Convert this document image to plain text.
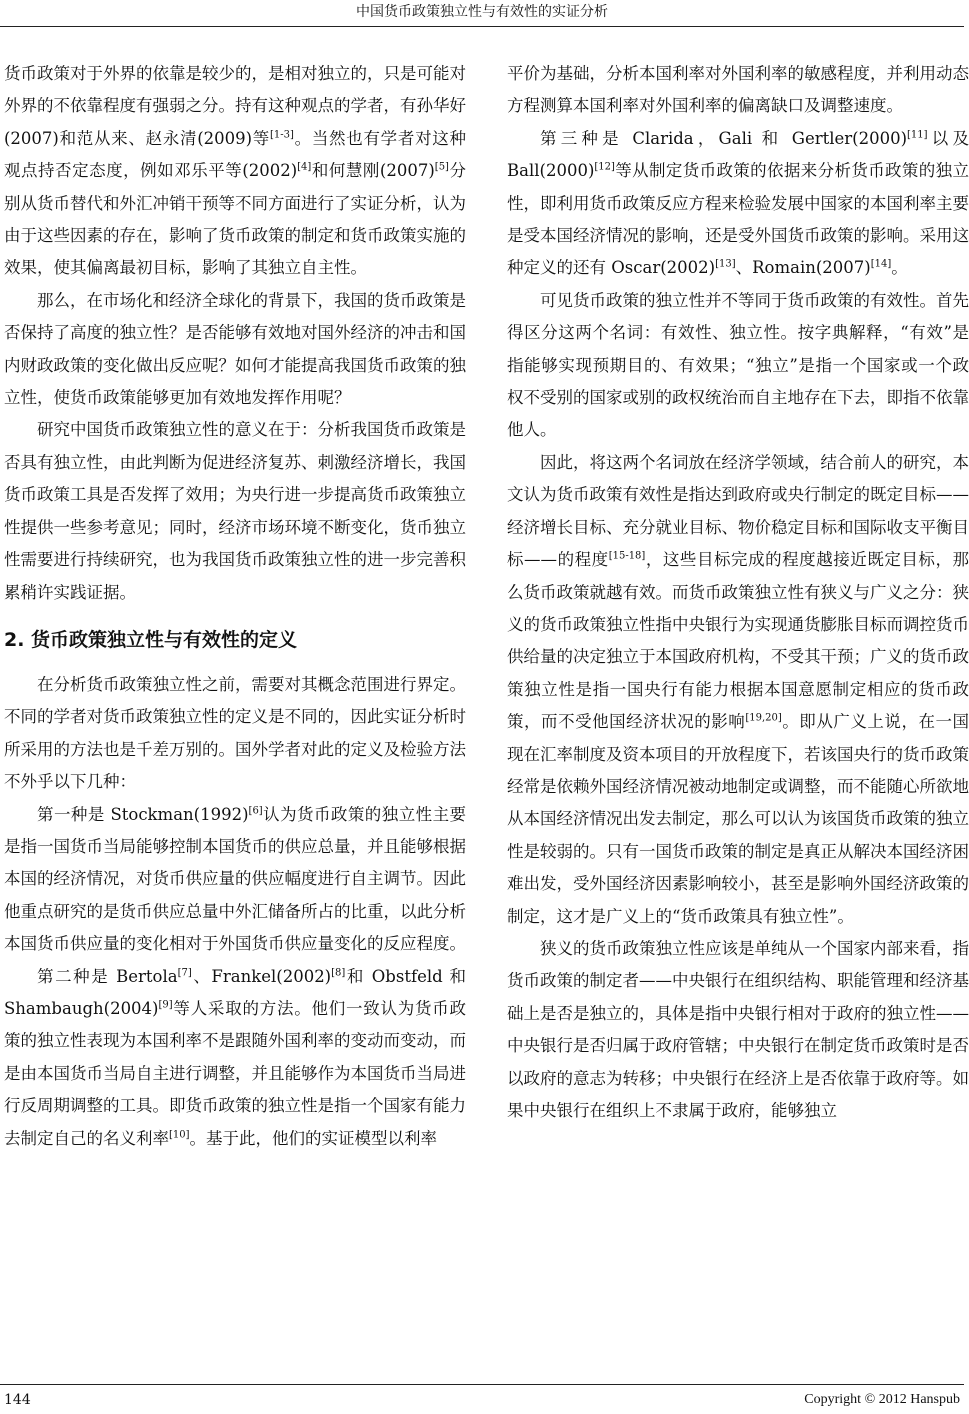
中国货币政策独立性与有效性的实证分析

货币政策对于外界的依靠是较少的，是相对独立的，只是可能对外界的不依靠程度有强弱之分。持有这种观点的学者，有孙华好(2007)和范从来、赵永清(2009)等[1-3]。当然也有学者对这种观点持否定态度，例如邓乐平等(2002)[4]和何慧刚(2007)[5]分别从货币替代和外汇冲销干预等不同方面进行了实证分析，认为由于这些因素的存在，影响了货币政策的制定和货币政策实施的效果，使其偏离最初目标，影响了其独立自主性。

那么，在市场化和经济全球化的背景下，我国的货币政策是否保持了高度的独立性？是否能够有效地对国外经济的冲击和国内财政政策的变化做出反应呢？如何才能提高我国货币政策的独立性，使货币政策能够更加有效地发挥作用呢？

研究中国货币政策独立性的意义在于：分析我国货币政策是否具有独立性，由此判断为促进经济复苏、刺激经济增长，我国货币政策工具是否发挥了效用；为央行进一步提高货币政策独立性提供一些参考意见；同时，经济市场环境不断变化，货币独立性需要进行持续研究，也为我国货币政策独立性的进一步完善积累稍许实践证据。

2. 货币政策独立性与有效性的定义

在分析货币政策独立性之前，需要对其概念范围进行界定。不同的学者对货币政策独立性的定义是不同的，因此实证分析时所采用的方法也是千差万别的。国外学者对此的定义及检验方法不外乎以下几种：

第一种是 Stockman(1992)[6]认为货币政策的独立性主要是指一国货币当局能够控制本国货币的供应总量，并且能够根据本国的经济情况，对货币供应量的供应幅度进行自主调节。因此他重点研究的是货币供应总量中外汇储备所占的比重，以此分析本国货币供应量的变化相对于外国货币供应量变化的反应程度。

第二种是 Bertola[7]、Frankel(2002)[8]和 Obstfeld 和 Shambaugh(2004)[9]等人采取的方法。他们一致认为货币政策的独立性表现为本国利率不是跟随外国利率的变动而变动，而是由本国货币当局自主进行调整，并且能够作为本国货币当局进行反周期调整的工具。即货币政策的独立性是指一个国家有能力去制定自己的名义利率[10]。基于此，他们的实证模型以利率

平价为基础，分析本国利率对外国利率的敏感程度，并利用动态方程测算本国利率对外国利率的偏离缺口及调整速度。

第三种是 Clarida，Gali 和 Gertler(2000)[11]以及 Ball(2000)[12]等从制定货币政策的依据来分析货币政策的独立性，即利用货币政策反应方程来检验发展中国家的本国利率主要是受本国经济情况的影响，还是受外国货币政策的影响。采用这种定义的还有 Oscar(2002)[13]、Romain(2007)[14]。

可见货币政策的独立性并不等同于货币政策的有效性。首先得区分这两个名词：有效性、独立性。按字典解释，“有效”是指能够实现预期目的、有效果；“独立”是指一个国家或一个政权不受别的国家或别的政权统治而自主地存在下去，即指不依靠他人。

因此，将这两个名词放在经济学领域，结合前人的研究，本文认为货币政策有效性是指达到政府或央行制定的既定目标——经济增长目标、充分就业目标、物价稳定目标和国际收支平衡目标——的程度[15-18]，这些目标完成的程度越接近既定目标，那么货币政策就越有效。而货币政策独立性有狭义与广义之分：狭义的货币政策独立性指中央银行为实现通货膨胀目标而调控货币供给量的决定独立于本国政府机构，不受其干预；广义的货币政策独立性是指一国央行有能力根据本国意愿制定相应的货币政策，而不受他国经济状况的影响[19,20]。即从广义上说，在一国现在汇率制度及资本项目的开放程度下，若该国央行的货币政策经常是依赖外国经济情况被动地制定或调整，而不能随心所欲地从本国经济情况出发去制定，那么可以认为该国货币政策的独立性是较弱的。只有一国货币政策的制定是真正从解决本国经济困难出发，受外国经济因素影响较小，甚至是影响外国经济政策的制定，这才是广义上的“货币政策具有独立性”。

狭义的货币政策独立性应该是单纯从一个国家内部来看，指货币政策的制定者——中央银行在组织结构、职能管理和经济基础上是否是独立的，具体是指中央银行相对于政府的独立性——中央银行是否归属于政府管辖；中央银行在制定货币政策时是否以政府的意志为转移；中央银行在经济上是否依靠于政府等。如果中央银行在组织上不隶属于政府，能够独立

144	Copyright © 2012 Hanspub
